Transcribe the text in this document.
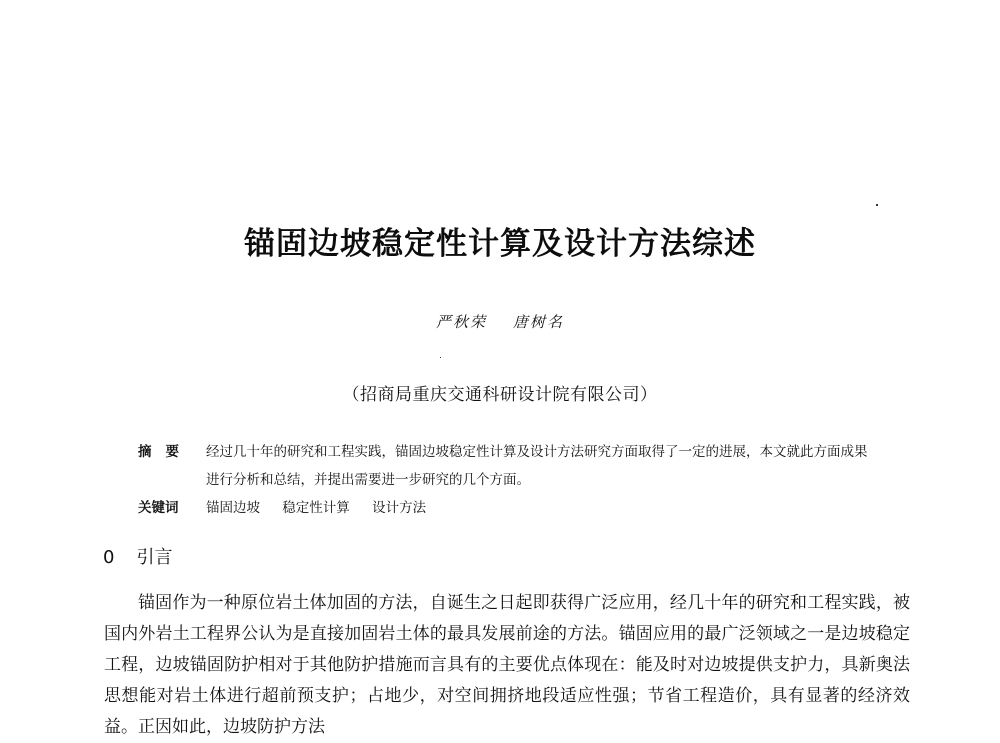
锚固边坡稳定性计算及设计方法综述
严秋荣 唐树名
（招商局重庆交通科研设计院有限公司）
摘要 经过几十年的研究和工程实践，锚固边坡稳定性计算及设计方法研究方面取得了一定的进展，本文就此方面成果进行分析和总结，并提出需要进一步研究的几个方面。
关键词 锚固边坡 稳定性计算 设计方法
0 引言

锚固作为一种原位岩土体加固的方法，自诞生之日起即获得广泛应用，经几十年的研究和工程实践，被国内外岩土工程界公认为是直接加固岩土体的最具发展前途的方法。锚固应用的最广泛领域之一是边坡稳定工程，边坡锚固防护相对于其他防护措施而言具有的主要优点体现在：能及时对边坡提供支护力，具新奥法思想能对岩土体进行超前预支护；占地少，对空间拥挤地段适应性强；节省工程造价，具有显著的经济效益。正因如此，边坡防护方法
